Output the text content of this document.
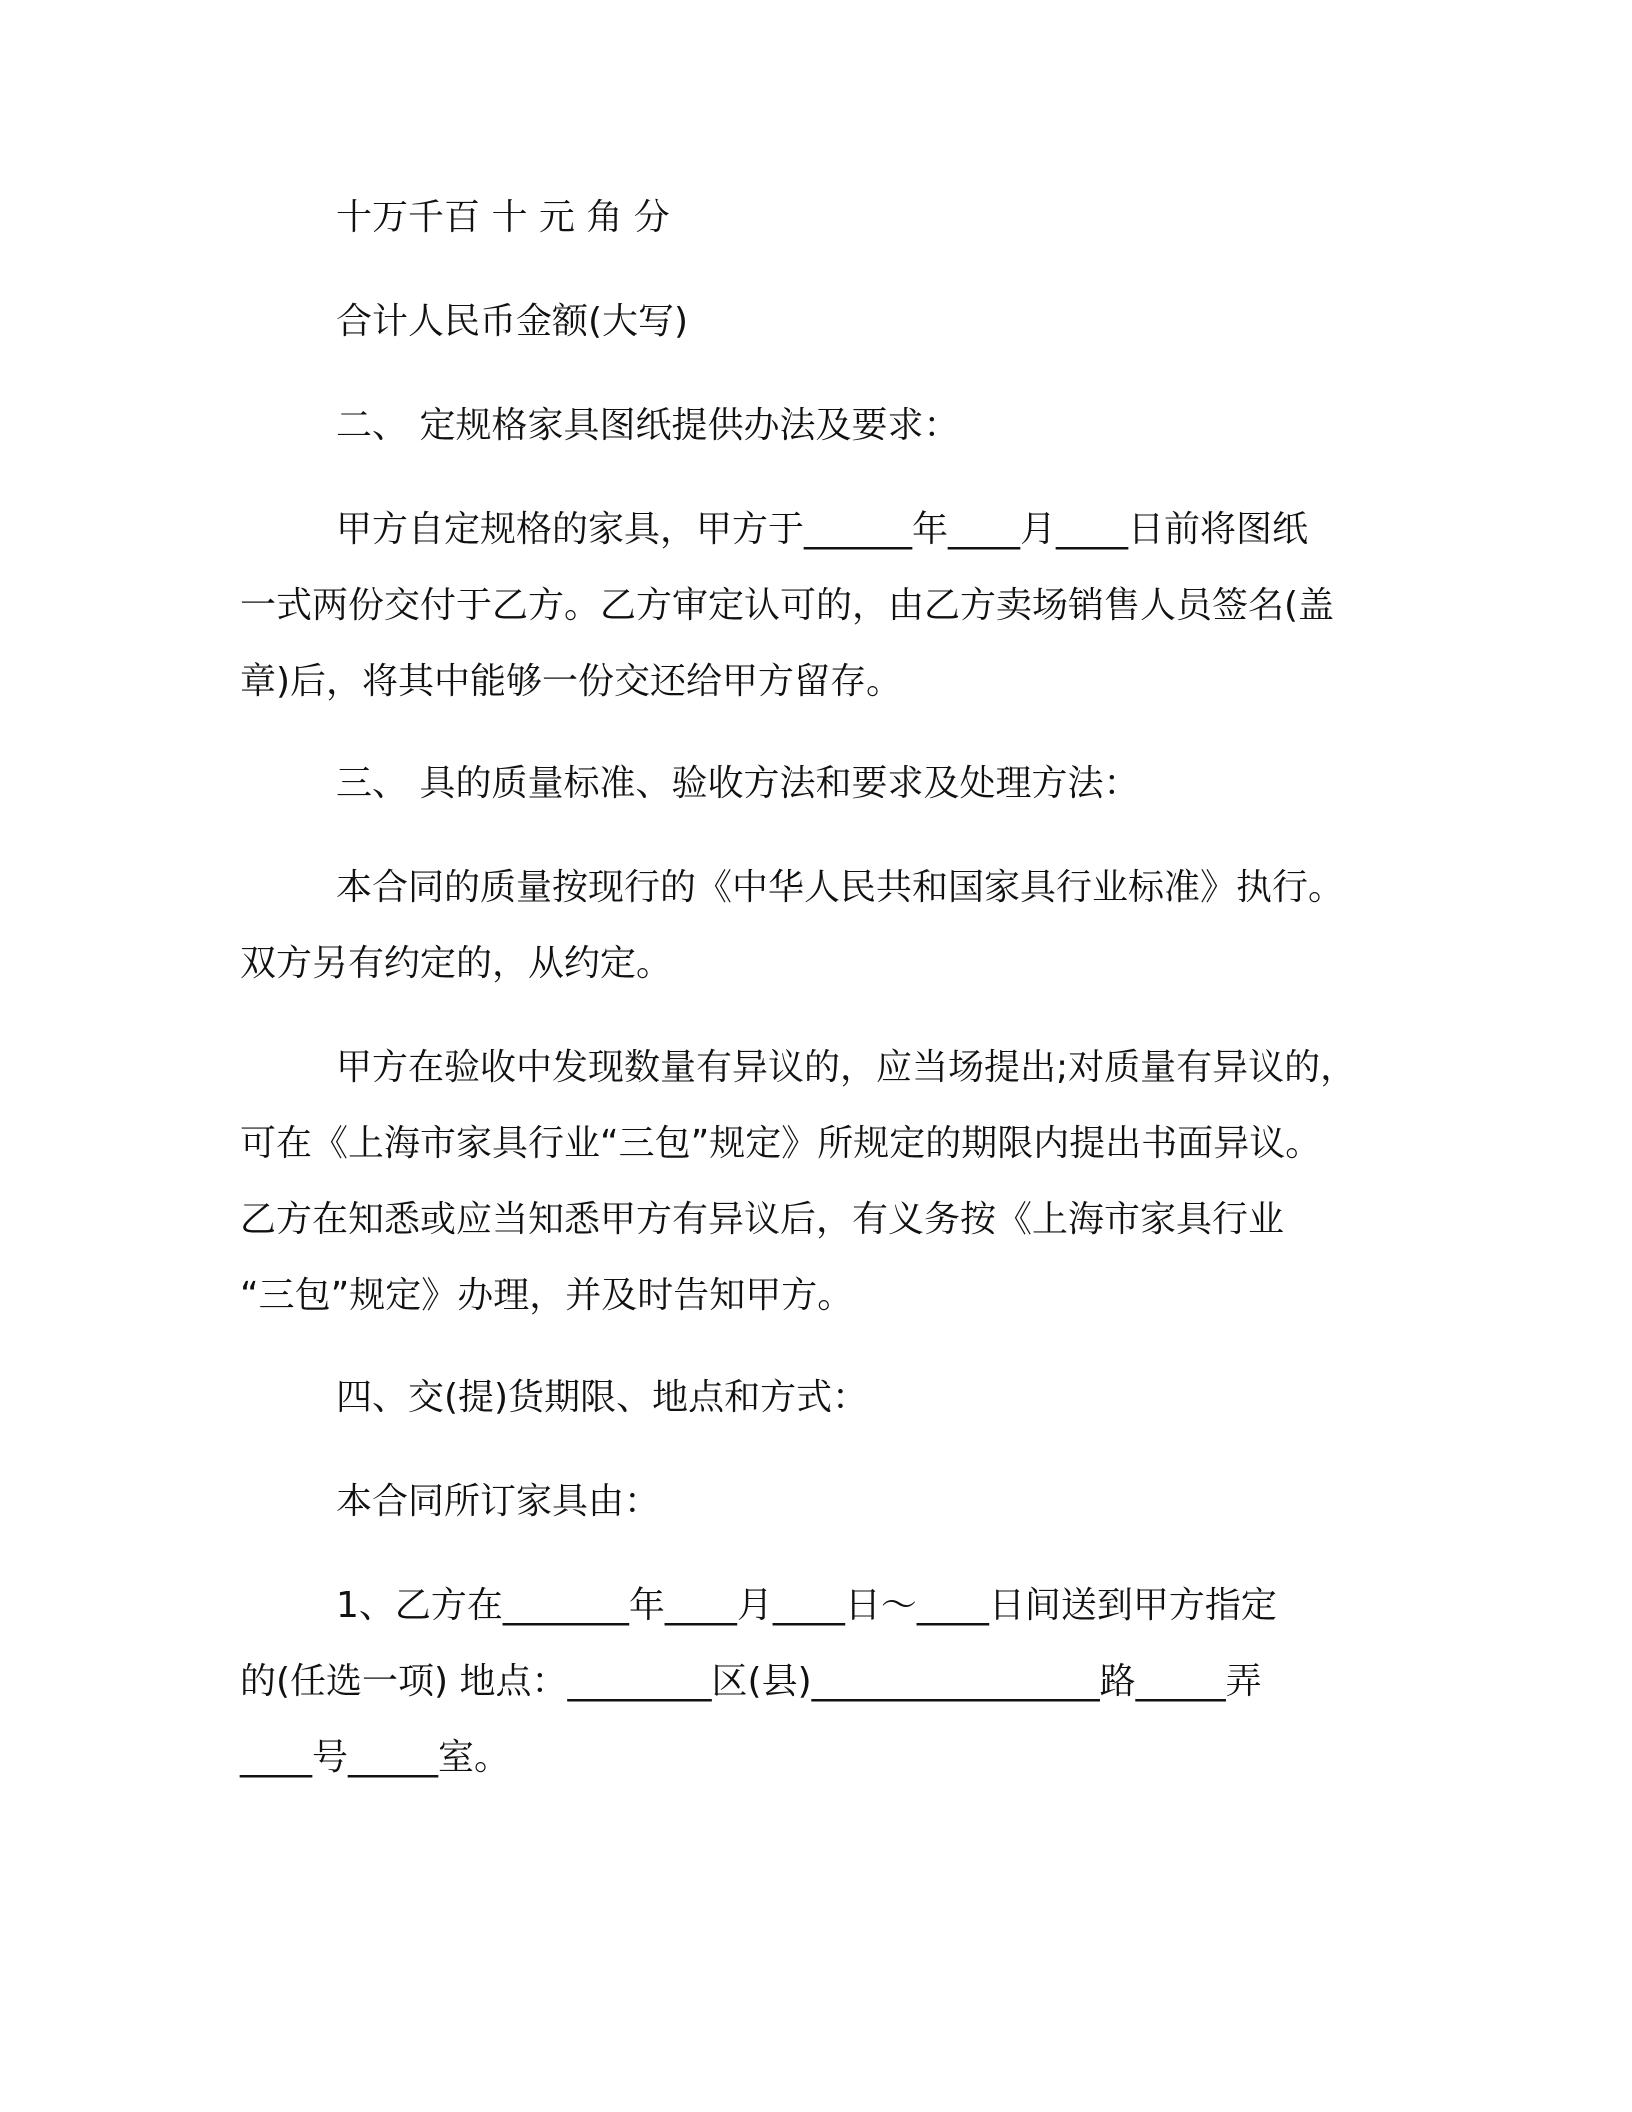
十万千百 十 元 角 分
合计人民币金额(大写)
二、 定规格家具图纸提供办法及要求：
甲方自定规格的家具，甲方于______年____月____日前将图纸
一式两份交付于乙方。乙方审定认可的，由乙方卖场销售人员签名(盖
章)后，将其中能够一份交还给甲方留存。
三、 具的质量标准、验收方法和要求及处理方法：
本合同的质量按现行的《中华人民共和国家具行业标准》执行。
双方另有约定的，从约定。
甲方在验收中发现数量有异议的，应当场提出;对质量有异议的，
可在《上海市家具行业“三包”规定》所规定的期限内提出书面异议。
乙方在知悉或应当知悉甲方有异议后，有义务按《上海市家具行业
“三包”规定》办理，并及时告知甲方。
四、交(提)货期限、地点和方式：
本合同所订家具由：
1、乙方在_______年____月____日～____日间送到甲方指定
的(任选一项) 地点：________区(县)________________路_____弄
____号_____室。
